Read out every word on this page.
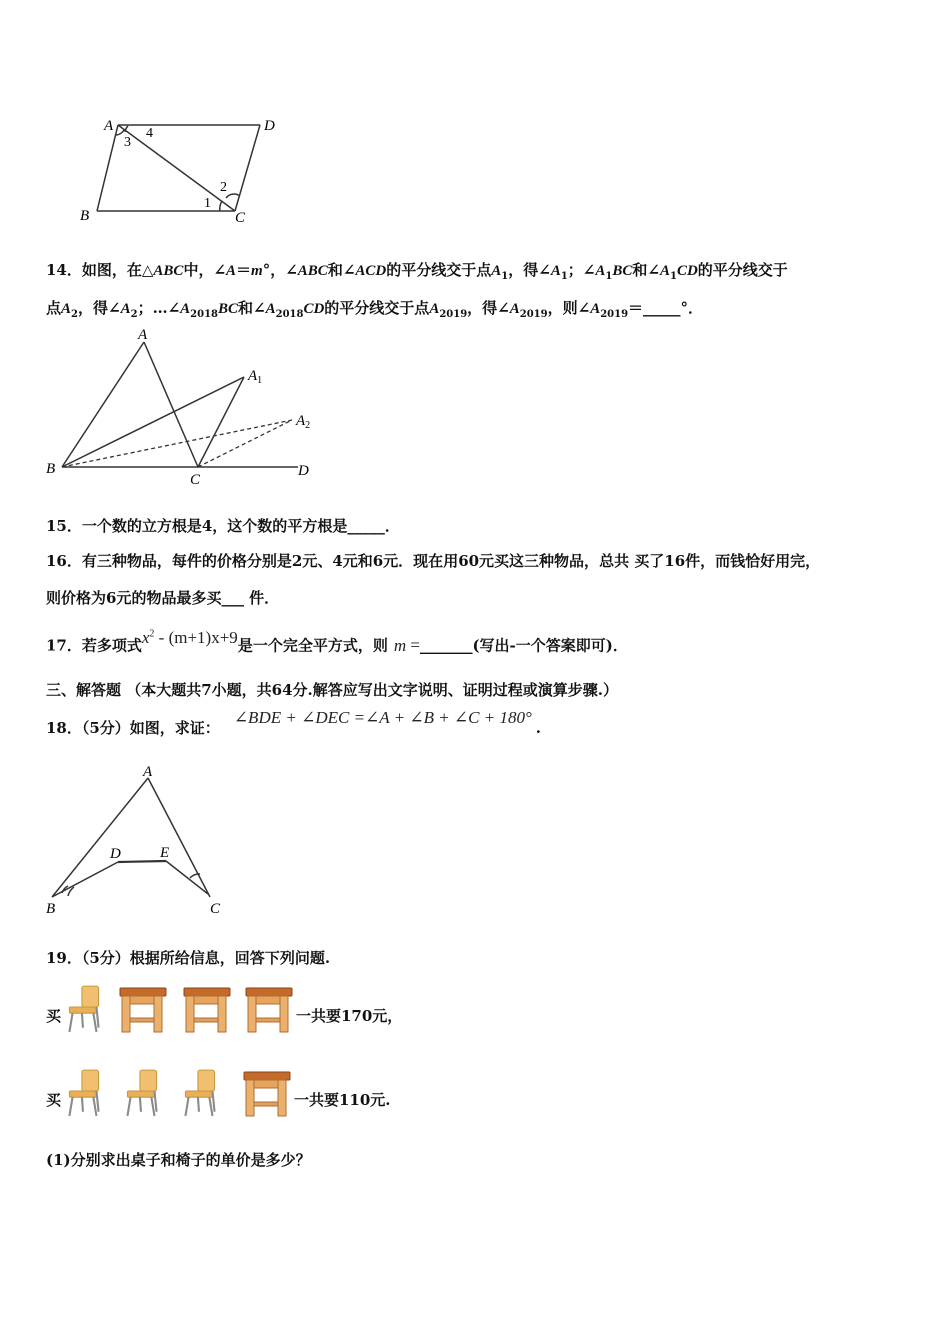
A	D
B	C
4
3
2
1
14．如图，在△ABC中，∠A＝m°，∠ABC和∠ACD的平分线交于点$A_1$，得$\angle A_1$；$\angle A_1BC$和$\angle A_1CD$的平分线交于
点$A_2$，得$\angle A_2$；$\dots\angle A_{2018}BC$和$\angle A_{2018}CD$的平分线交于点$A_{2019}$，得$\angle A_{2019}$，则$\angle A_{2019}=\_\_\_\_\_^\circ$．
A
$A_1$
$A_2$
B
C
D
15．一个数的立方根是4，这个数的平方根是_____．
16．有三种物品，每件的价格分别是2元、4元和6元．现在用60元买这三种物品，总共 买了16件，而钱恰好用完，
则价格为6元的物品最多买___ 件．
17．若多项式$x^2 - (m+1)x+9$是一个完全平方式，则 m =_______(写出-一个答案即可)．
三、解答题 （本大题共7小题，共64分.解答应写出文字说明、证明过程或演算步骤.）
18．（5分）如图，求证：∠BDE + ∠DEC =∠A + ∠B + ∠C + 180°.
A
B	C
D	E
19．（5分）根据所给信息，回答下列问题.
买	一共要170元，
买	一共要110元.
(1)分别求出桌子和椅子的单价是多少？
